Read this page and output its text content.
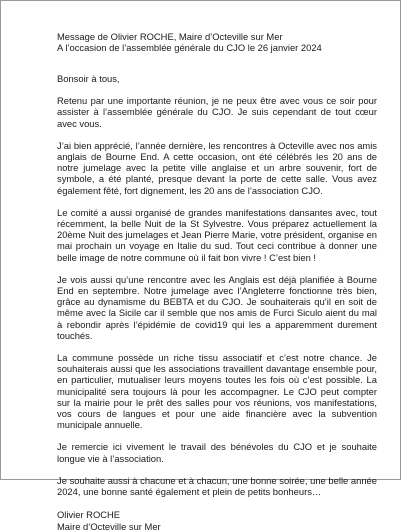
Message de Olivier ROCHE, Maire d’Octeville sur Mer
A l’occasion de l’assemblée générale du CJO le 26 janvier 2024

Bonsoir à tous,

Retenu par une importante réunion, je ne peux être avec vous ce soir pour assister à l’assemblée générale du CJO. Je suis cependant de tout cœur avec vous.

J’ai bien apprécié, l’année dernière, les rencontres à Octeville avec nos amis anglais de Bourne End. A cette occasion, ont été célébrés les 20 ans de notre jumelage avec la petite ville anglaise et un arbre souvenir, fort de symbole, a été planté, presque devant la porte de cette salle. Vous avez également fêté, fort dignement, les 20 ans de l’association CJO.

Le comité a aussi organisé de grandes manifestations dansantes avec, tout récemment, la belle Nuit de la St Sylvestre. Vous préparez actuellement la 20ème Nuit des jumelages et Jean Pierre Marie, votre président, organise en mai prochain un voyage en Italie du sud. Tout ceci contribue à donner une belle image de notre commune où il fait bon vivre ! C’est bien !

Je vois aussi qu’une rencontre avec les Anglais est déjà planifiée à Bourne End en septembre. Notre jumelage avec l’Angleterre fonctionne très bien, grâce au dynamisme du BEBTA et du CJO. Je souhaiterais qu’il en soit de même avec la Sicile car il semble que nos amis de Furci Siculo aient du mal à rebondir après l’épidémie de covid19 qui les a apparemment durement touchés.

La commune possède un riche tissu associatif et c’est notre chance. Je souhaiterais aussi que les associations travaillent davantage ensemble pour, en particulier, mutualiser leurs moyens toutes les fois où c’est possible. La municipalité sera toujours là pour les accompagner. Le CJO peut compter sur la mairie pour le prêt des salles pour vos réunions, vos manifestations, vos cours de langues et pour une aide financière avec la subvention municipale annuelle.

Je remercie ici vivement le travail des bénévoles du CJO et je souhaite longue vie à l’association.

Je souhaite aussi à chacune et à chacun, une bonne soirée, une belle année 2024, une bonne santé également et plein de petits bonheurs…

Olivier ROCHE
Maire d’Octeville sur Mer
